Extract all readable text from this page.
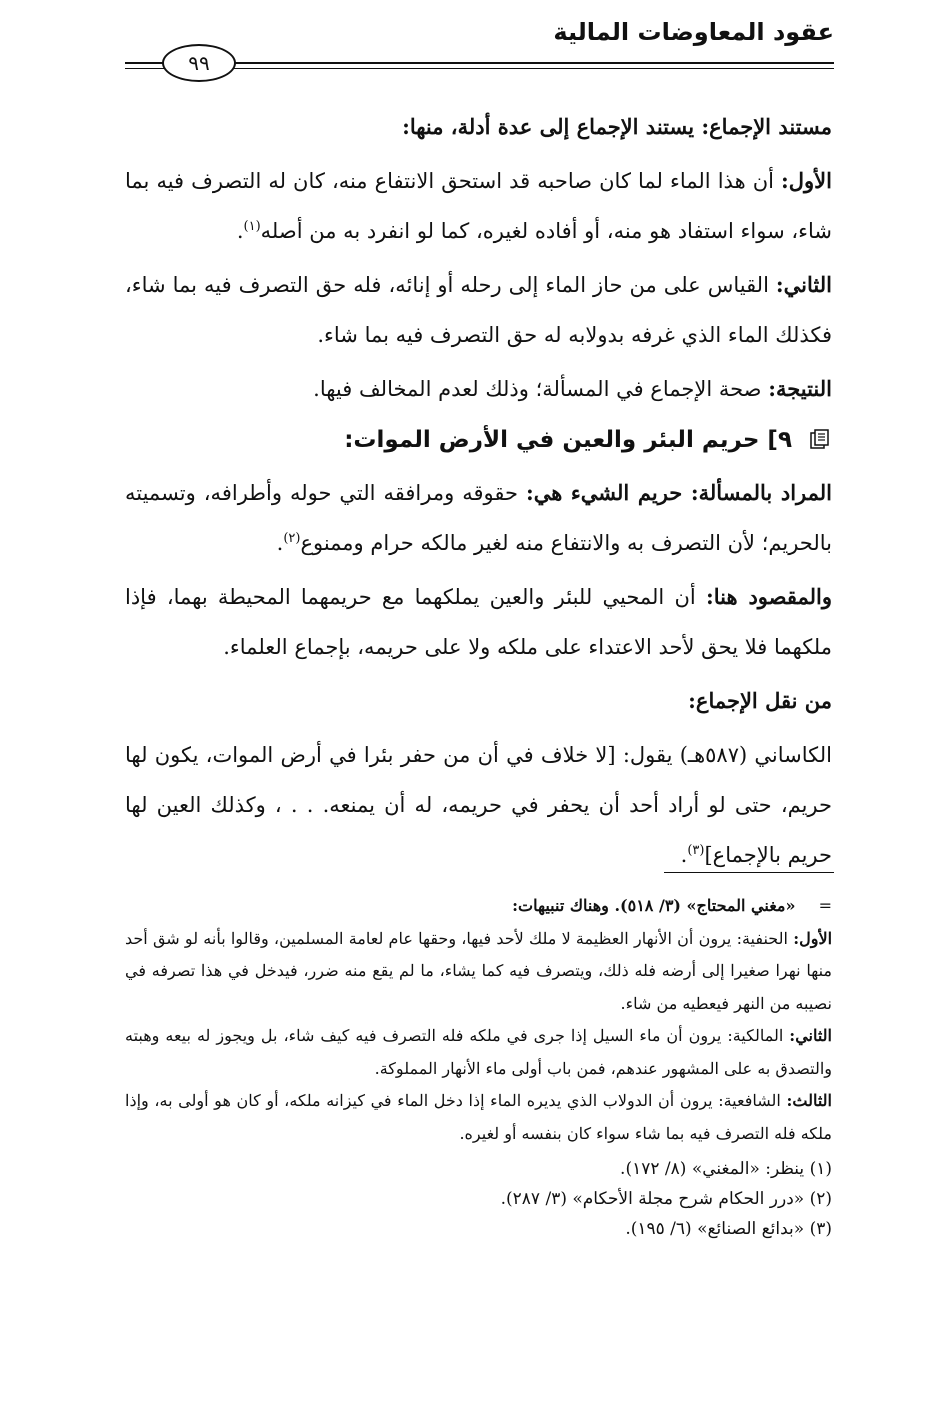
عقود المعاوضات المالية
٩٩

مستند الإجماع: يستند الإجماع إلى عدة أدلة، منها:

الأول: أن هذا الماء لما كان صاحبه قد استحق الانتفاع منه، كان له التصرف فيه بما شاء، سواء استفاد هو منه، أو أفاده لغيره، كما لو انفرد به من أصله$^{(١)}$.

الثاني: القياس على من حاز الماء إلى رحله أو إنائه، فله حق التصرف فيه بما شاء، فكذلك الماء الذي غرفه بدولابه له حق التصرف فيه بما شاء.

النتيجة: صحة الإجماع في المسألة؛ وذلك لعدم المخالف فيها.

٩] حريم البئر والعين في الأرض الموات:

المراد بالمسألة: حريم الشيء هي: حقوقه ومرافقه التي حوله وأطرافه، وتسميته بالحريم؛ لأن التصرف به والانتفاع منه لغير مالكه حرام وممنوع$^{(٢)}$.

والمقصود هنا: أن المحيي للبئر والعين يملكهما مع حريمهما المحيطة بهما، فإذا ملكهما فلا يحق لأحد الاعتداء على ملكه ولا على حريمه، بإجماع العلماء.

من نقل الإجماع:

الكاساني (٥٨٧هـ) يقول: [لا خلاف في أن من حفر بئرا في أرض الموات، يكون لها حريم، حتى لو أراد أحد أن يحفر في حريمه، له أن يمنعه. . . ، وكذلك العين لها حريم بالإجماع]$^{(٣)}$.

= «مغني المحتاج» (٣/ ٥١٨). وهناك تنبيهات:

الأول: الحنفية: يرون أن الأنهار العظيمة لا ملك لأحد فيها، وحقها عام لعامة المسلمين، وقالوا بأنه لو شق أحد منها نهرا صغيرا إلى أرضه فله ذلك، ويتصرف فيه كما يشاء، ما لم يقع منه ضرر، فيدخل في هذا تصرفه في نصيبه من النهر فيعطيه من شاء.

الثاني: المالكية: يرون أن ماء السيل إذا جرى في ملكه فله التصرف فيه كيف شاء، بل ويجوز له بيعه وهبته والتصدق به على المشهور عندهم، فمن باب أولى ماء الأنهار المملوكة.

الثالث: الشافعية: يرون أن الدولاب الذي يديره الماء إذا دخل الماء في كيزانه ملكه، أو كان هو أولى به، وإذا ملكه فله التصرف فيه بما شاء سواء كان بنفسه أو لغيره.

(١) ينظر: «المغني» (٨/ ١٧٢).

(٢) «درر الحكام شرح مجلة الأحكام» (٣/ ٢٨٧).

(٣) «بدائع الصنائع» (٦/ ١٩٥).
